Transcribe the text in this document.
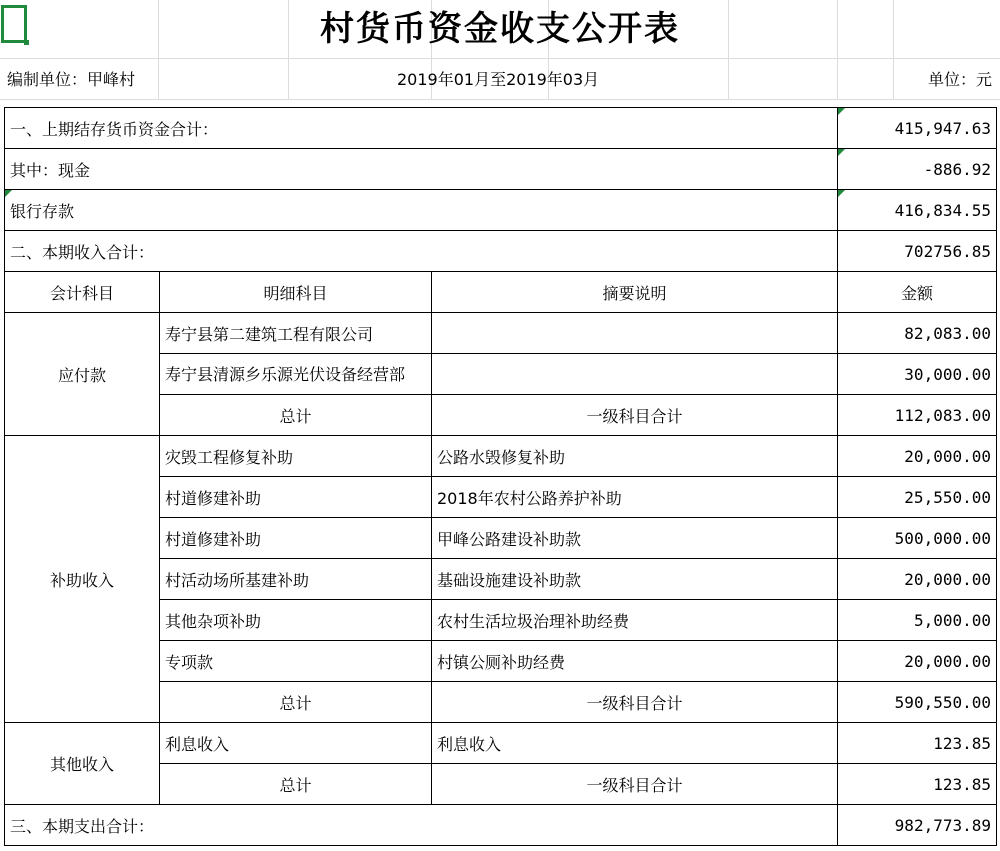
村货币资金收支公开表
编制单位：甲峰村	2019年01月至2019年03月	单位：元
一、上期结存货币资金合计：			415,947.63
其中：现金			-886.92

银行存款			416,834.55
二、本期收入合计：			702756.85
会计科目	明细科目	摘要说明	金额
应付款	寿宁县第二建筑工程有限公司		82,083.00
	寿宁县清源乡乐源光伏设备经营部		30,000.00
	总计	一级科目合计	112,083.00
补助收入	灾毁工程修复补助	公路水毁修复补助	20,000.00
	村道修建补助	2018年农村公路养护补助	25,550.00
	村道修建补助	甲峰公路建设补助款	500,000.00
	村活动场所基建补助	基础设施建设补助款	20,000.00
	其他杂项补助	农村生活垃圾治理补助经费	5,000.00
	专项款	村镇公厕补助经费	20,000.00
	总计	一级科目合计	590,550.00
其他收入	利息收入	利息收入	123.85
	总计	一级科目合计	123.85
三、本期支出合计：			982,773.89
